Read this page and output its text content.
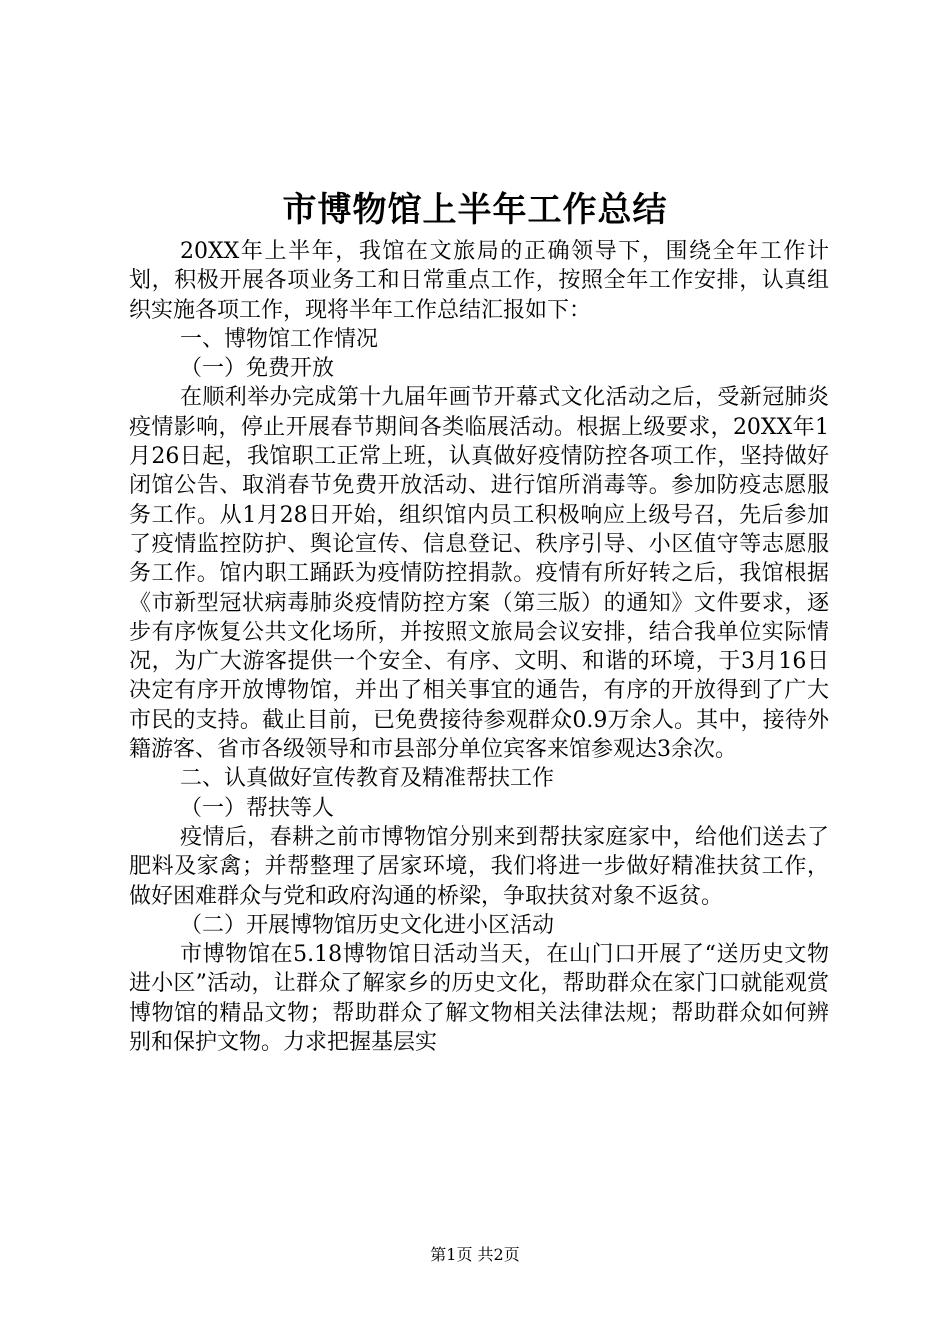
市博物馆上半年工作总结

20XX年上半年，我馆在文旅局的正确领导下，围绕全年工作计划，积极开展各项业务工和日常重点工作，按照全年工作安排，认真组织实施各项工作，现将半年工作总结汇报如下：

一、博物馆工作情况

（一）免费开放

在顺利举办完成第十九届年画节开幕式文化活动之后，受新冠肺炎疫情影响，停止开展春节期间各类临展活动。根据上级要求，20XX年1月26日起，我馆职工正常上班，认真做好疫情防控各项工作，坚持做好闭馆公告、取消春节免费开放活动、进行馆所消毒等。参加防疫志愿服务工作。从1月28日开始，组织馆内员工积极响应上级号召，先后参加了疫情监控防护、舆论宣传、信息登记、秩序引导、小区值守等志愿服务工作。馆内职工踊跃为疫情防控捐款。疫情有所好转之后，我馆根据《市新型冠状病毒肺炎疫情防控方案（第三版）的通知》文件要求，逐步有序恢复公共文化场所，并按照文旅局会议安排，结合我单位实际情况，为广大游客提供一个安全、有序、文明、和谐的环境，于3月16日决定有序开放博物馆，并出了相关事宜的通告，有序的开放得到了广大市民的支持。截止目前，已免费接待参观群众0.9万余人。其中，接待外籍游客、省市各级领导和市县部分单位宾客来馆参观达3余次。

二、认真做好宣传教育及精准帮扶工作

（一）帮扶等人

疫情后，春耕之前市博物馆分别来到帮扶家庭家中，给他们送去了肥料及家禽；并帮整理了居家环境，我们将进一步做好精准扶贫工作，做好困难群众与党和政府沟通的桥梁，争取扶贫对象不返贫。

（二）开展博物馆历史文化进小区活动

市博物馆在5.18博物馆日活动当天，在山门口开展了“送历史文物进小区”活动，让群众了解家乡的历史文化，帮助群众在家门口就能观赏博物馆的精品文物；帮助群众了解文物相关法律法规；帮助群众如何辨别和保护文物。力求把握基层实

第1页 共2页
